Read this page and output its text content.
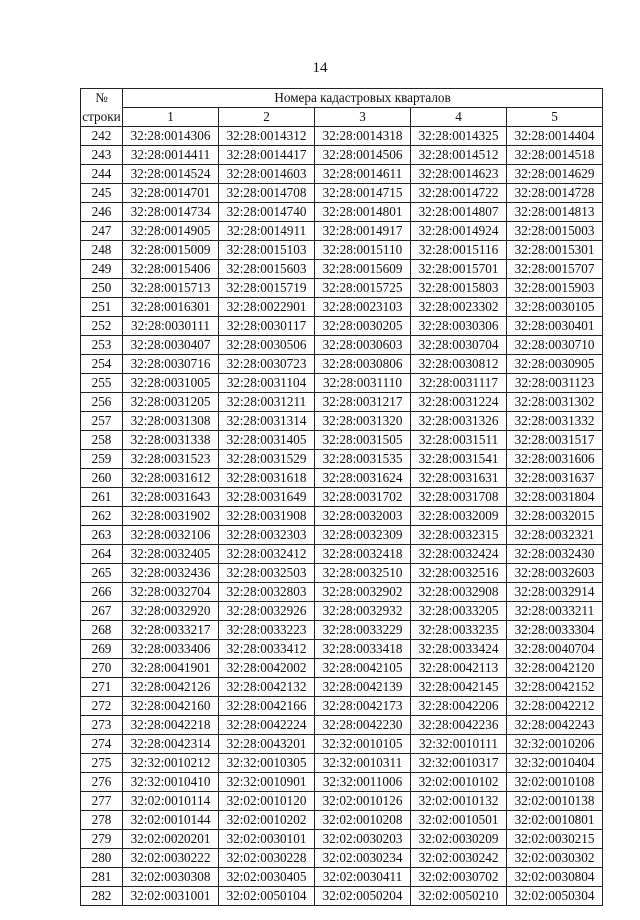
14
№	Номера кадастровых кварталов				
строки	1	2	3	4	5
242	32:28:0014306	32:28:0014312	32:28:0014318	32:28:0014325	32:28:0014404
243	32:28:0014411	32:28:0014417	32:28:0014506	32:28:0014512	32:28:0014518
244	32:28:0014524	32:28:0014603	32:28:0014611	32:28:0014623	32:28:0014629
245	32:28:0014701	32:28:0014708	32:28:0014715	32:28:0014722	32:28:0014728
246	32:28:0014734	32:28:0014740	32:28:0014801	32:28:0014807	32:28:0014813
247	32:28:0014905	32:28:0014911	32:28:0014917	32:28:0014924	32:28:0015003
248	32:28:0015009	32:28:0015103	32:28:0015110	32:28:0015116	32:28:0015301
249	32:28:0015406	32:28:0015603	32:28:0015609	32:28:0015701	32:28:0015707
250	32:28:0015713	32:28:0015719	32:28:0015725	32:28:0015803	32:28:0015903
251	32:28:0016301	32:28:0022901	32:28:0023103	32:28:0023302	32:28:0030105
252	32:28:0030111	32:28:0030117	32:28:0030205	32:28:0030306	32:28:0030401
253	32:28:0030407	32:28:0030506	32:28:0030603	32:28:0030704	32:28:0030710
254	32:28:0030716	32:28:0030723	32:28:0030806	32:28:0030812	32:28:0030905
255	32:28:0031005	32:28:0031104	32:28:0031110	32:28:0031117	32:28:0031123
256	32:28:0031205	32:28:0031211	32:28:0031217	32:28:0031224	32:28:0031302
257	32:28:0031308	32:28:0031314	32:28:0031320	32:28:0031326	32:28:0031332
258	32:28:0031338	32:28:0031405	32:28:0031505	32:28:0031511	32:28:0031517
259	32:28:0031523	32:28:0031529	32:28:0031535	32:28:0031541	32:28:0031606
260	32:28:0031612	32:28:0031618	32:28:0031624	32:28:0031631	32:28:0031637
261	32:28:0031643	32:28:0031649	32:28:0031702	32:28:0031708	32:28:0031804
262	32:28:0031902	32:28:0031908	32:28:0032003	32:28:0032009	32:28:0032015
263	32:28:0032106	32:28:0032303	32:28:0032309	32:28:0032315	32:28:0032321
264	32:28:0032405	32:28:0032412	32:28:0032418	32:28:0032424	32:28:0032430
265	32:28:0032436	32:28:0032503	32:28:0032510	32:28:0032516	32:28:0032603
266	32:28:0032704	32:28:0032803	32:28:0032902	32:28:0032908	32:28:0032914
267	32:28:0032920	32:28:0032926	32:28:0032932	32:28:0033205	32:28:0033211
268	32:28:0033217	32:28:0033223	32:28:0033229	32:28:0033235	32:28:0033304
269	32:28:0033406	32:28:0033412	32:28:0033418	32:28:0033424	32:28:0040704
270	32:28:0041901	32:28:0042002	32:28:0042105	32:28:0042113	32:28:0042120
271	32:28:0042126	32:28:0042132	32:28:0042139	32:28:0042145	32:28:0042152
272	32:28:0042160	32:28:0042166	32:28:0042173	32:28:0042206	32:28:0042212
273	32:28:0042218	32:28:0042224	32:28:0042230	32:28:0042236	32:28:0042243
274	32:28:0042314	32:28:0043201	32:32:0010105	32:32:0010111	32:32:0010206
275	32:32:0010212	32:32:0010305	32:32:0010311	32:32:0010317	32:32:0010404
276	32:32:0010410	32:32:0010901	32:32:0011006	32:02:0010102	32:02:0010108
277	32:02:0010114	32:02:0010120	32:02:0010126	32:02:0010132	32:02:0010138
278	32:02:0010144	32:02:0010202	32:02:0010208	32:02:0010501	32:02:0010801
279	32:02:0020201	32:02:0030101	32:02:0030203	32:02:0030209	32:02:0030215
280	32:02:0030222	32:02:0030228	32:02:0030234	32:02:0030242	32:02:0030302
281	32:02:0030308	32:02:0030405	32:02:0030411	32:02:0030702	32:02:0030804
282	32:02:0031001	32:02:0050104	32:02:0050204	32:02:0050210	32:02:0050304
